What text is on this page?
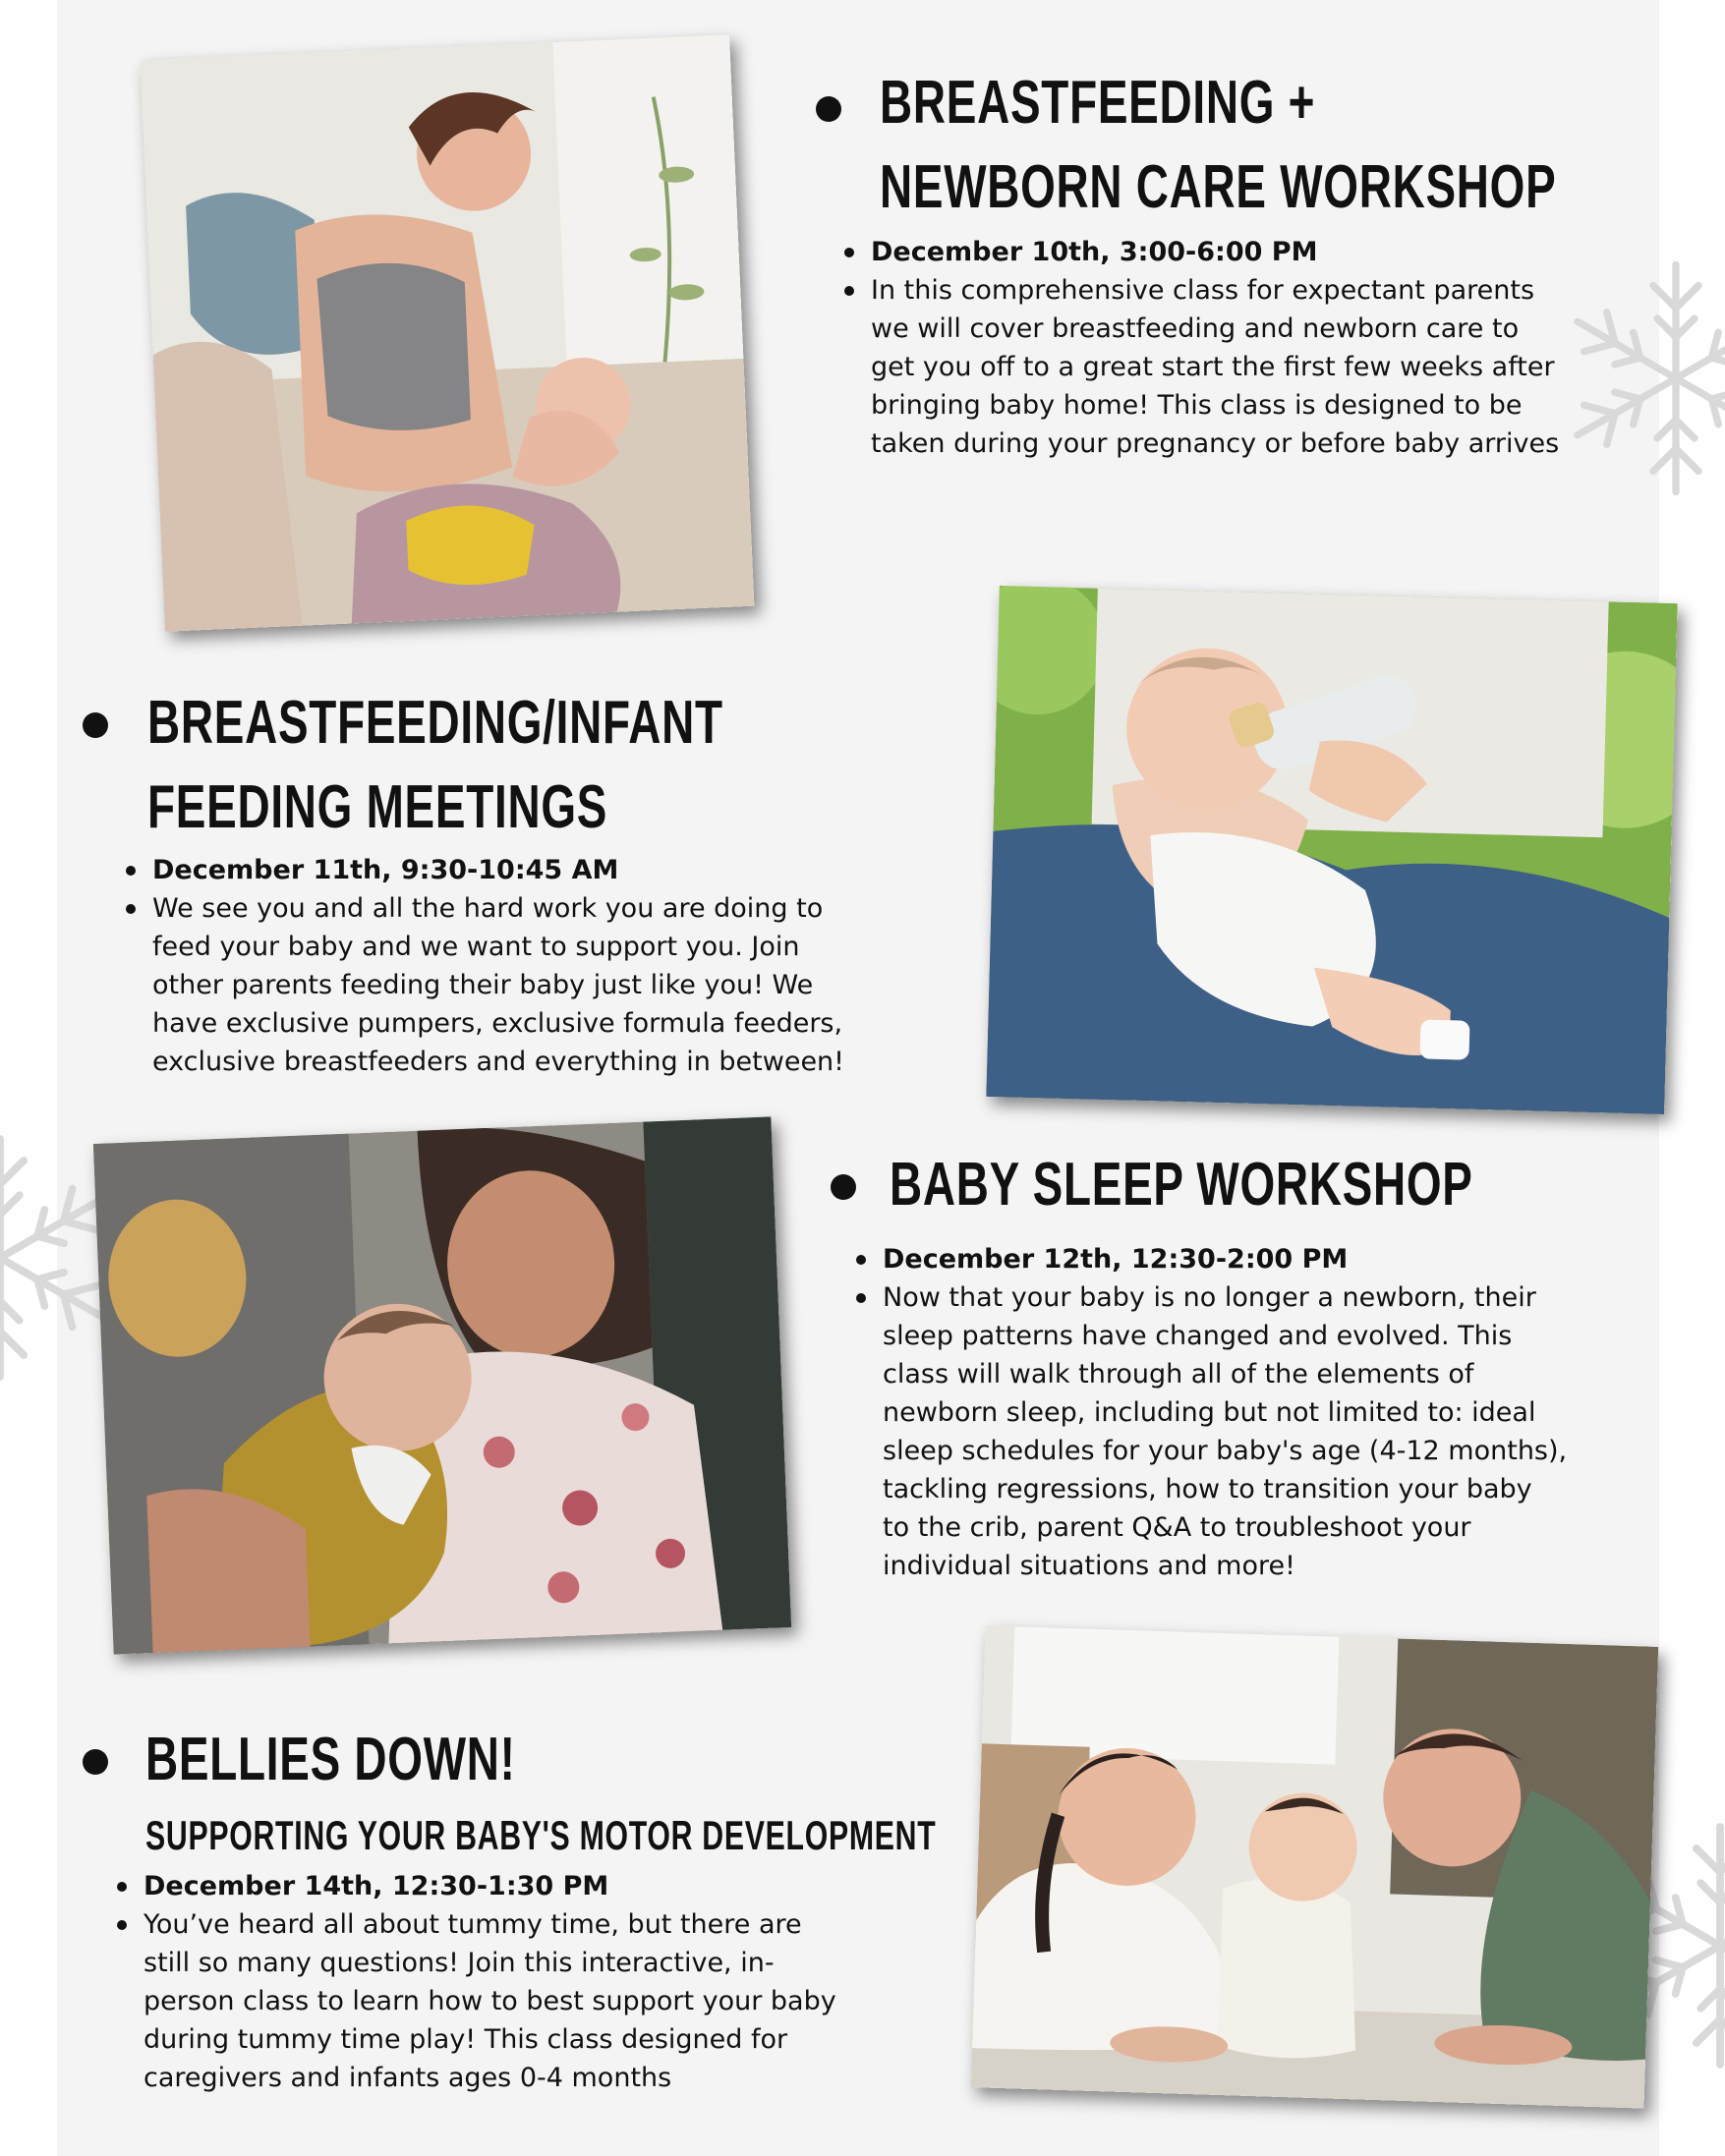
BREASTFEEDING +
NEWBORN CARE WORKSHOP
December 10th, 3:00-6:00 PM
In this comprehensive class for expectant parents
we will cover breastfeeding and newborn care to
get you off to a great start the first few weeks after
bringing baby home! This class is designed to be
taken during your pregnancy or before baby arrives
BREASTFEEDING/INFANT
FEEDING MEETINGS
December 11th, 9:30-10:45 AM
We see you and all the hard work you are doing to
feed your baby and we want to support you. Join
other parents feeding their baby just like you! We
have exclusive pumpers, exclusive formula feeders,
exclusive breastfeeders and everything in between!
BABY SLEEP WORKSHOP
December 12th, 12:30-2:00 PM
Now that your baby is no longer a newborn, their
sleep patterns have changed and evolved. This
class will walk through all of the elements of
newborn sleep, including but not limited to: ideal
sleep schedules for your baby's age (4-12 months),
tackling regressions, how to transition your baby
to the crib, parent Q&A to troubleshoot your
individual situations and more!
BELLIES DOWN!
SUPPORTING YOUR BABY'S MOTOR DEVELOPMENT
December 14th, 12:30-1:30 PM
You’ve heard all about tummy time, but there are
still so many questions! Join this interactive, in-
person class to learn how to best support your baby
during tummy time play! This class designed for
caregivers and infants ages 0-4 months
